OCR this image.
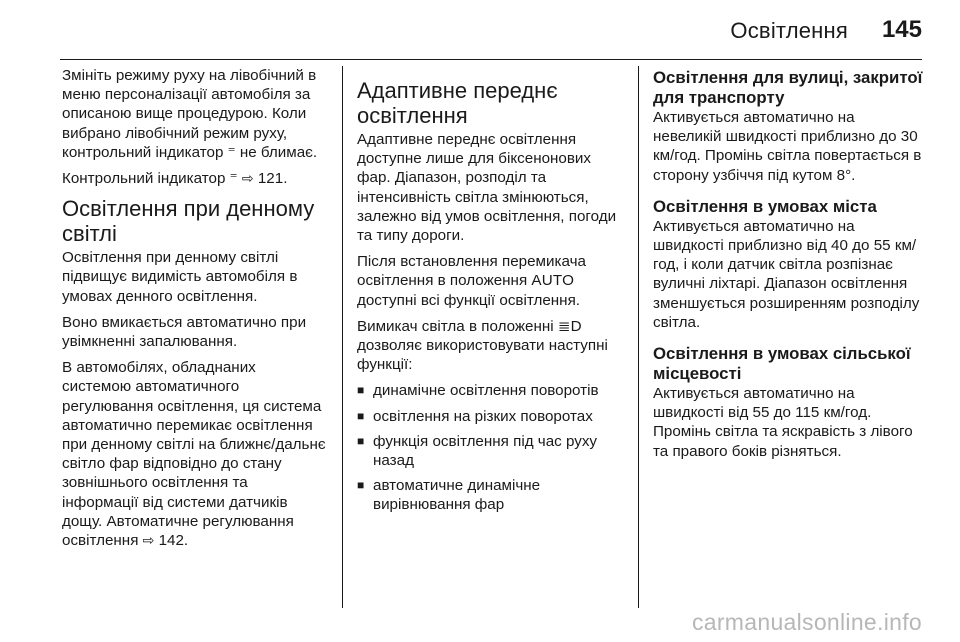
Освітлення 145

Змініть режиму руху на лівобічний в меню персоналізації автомобіля за описаною вище процедурою. Коли вибрано лівобічний режим руху, контрольний індикатор ⁼ не блимає.

Контрольний індикатор ⁼ ⇨ 121.

Освітлення при денному світлі

Освітлення при денному світлі підвищує видимість автомобіля в умовах денного освітлення.

Воно вмикається автоматично при увімкненні запалювання.

В автомобілях, обладнаних системою автоматичного регулювання освітлення, ця система автоматично перемикає освітлення при денному світлі на ближнє/дальнє світло фар відповідно до стану зовнішнього освітлення та інформації від системи датчиків дощу. Автоматичне регулювання освітлення ⇨ 142.

Адаптивне переднє освітлення

Адаптивне переднє освітлення доступне лише для біксенонових фар. Діапазон, розподіл та інтенсивність світла змінюються, залежно від умов освітлення, погоди та типу дороги.

Після встановлення перемикача освітлення в положення AUTO доступні всі функції освітлення.

Вимикач світла в положенні ≣D дозволяє використовувати наступні функції:

■ динамічне освітлення поворотів
■ освітлення на різких поворотах
■ функція освітлення під час руху назад
■ автоматичне динамічне вирівнювання фар
Освітлення для вулиці, закритої для транспорту

Активується автоматично на невеликій швидкості приблизно до 30 км/год. Промінь світла повертається в сторону узбіччя під кутом 8°.

Освітлення в умовах міста

Активується автоматично на швидкості приблизно від 40 до 55 км/год, і коли датчик світла розпізнає вуличні ліхтарі. Діапазон освітлення зменшується розширенням розподілу світла.

Освітлення в умовах сільської місцевості

Активується автоматично на швидкості від 55 до 115 км/год. Промінь світла та яскравість з лівого та правого боків різняться.

carmanualsonline.info
